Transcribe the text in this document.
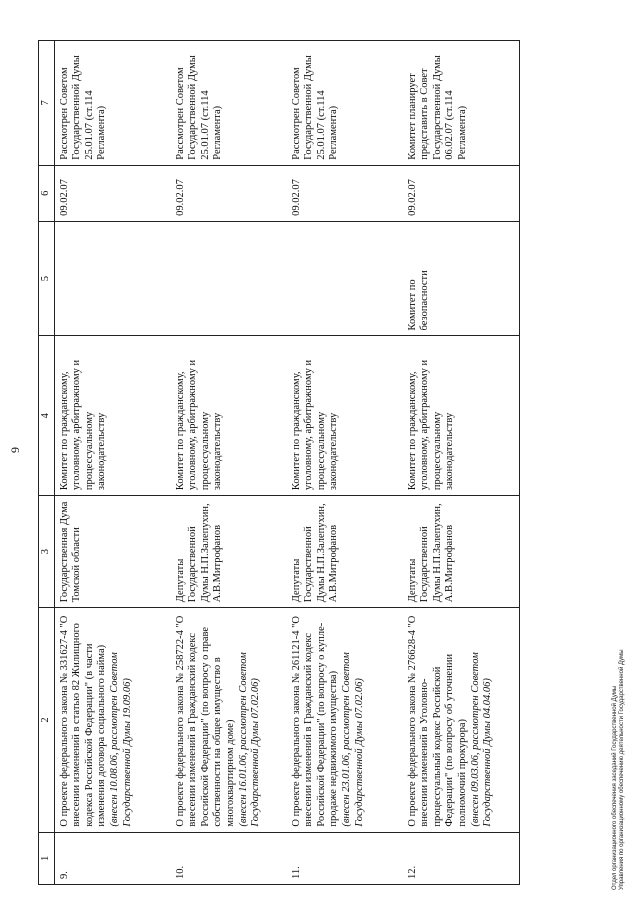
9
1	2	3	4	5	6	7
9.	О проекте федерального закона № 331627-4 "О внесении изменений в статью 82 Жилищного кодекса Российской Федерации" (в части изменения договора социального найма) (внесен 10.08.06, рассмотрен Советом Государственной Думы 19.09.06)	Государственная Дума Томской области	Комитет по гражданскому, уголовному, арбитражному и процессуальному законодательству		09.02.07	Рассмотрен Советом Государственной Думы 25.01.07 (ст.114 Регламента)
10.	О проекте федерального закона № 258722-4 "О внесении изменений в Гражданский кодекс Российской Федерации" (по вопросу о праве собственности на общее имущество в многоквартирном доме) (внесен 16.01.06, рассмотрен Советом Государственной Думы 07.02.06)	Депутаты Государственной Думы Н.П.Залепухин, А.В.Митрофанов	Комитет по гражданскому, уголовному, арбитражному и процессуальному законодательству		09.02.07	Рассмотрен Советом Государственной Думы 25.01.07 (ст.114 Регламента)
11.	О проекте федерального закона № 261121-4 "О внесении изменений в Гражданский кодекс Российской Федерации" (по вопросу о купле-продаже недвижимого имущества) (внесен 23.01.06, рассмотрен Советом Государственной Думы 07.02.06)	Депутаты Государственной Думы Н.П.Залепухин, А.В.Митрофанов	Комитет по гражданскому, уголовному, арбитражному и процессуальному законодательству		09.02.07	Рассмотрен Советом Государственной Думы 25.01.07 (ст.114 Регламента)
12.	О проекте федерального закона № 276628-4 "О внесении изменений в Уголовно-процессуальный кодекс Российской Федерации" (по вопросу об уточнении полномочий прокурора) (внесен 09.03.06, рассмотрен Советом Государственной Думы 04.04.06)	Депутаты Государственной Думы Н.П.Залепухин, А.В.Митрофанов	Комитет по гражданскому, уголовному, арбитражному и процессуальному законодательству	Комитет по безопасности	09.02.07	Комитет планирует представить в Совет Государственной Думы 06.02.07 (ст.114 Регламента)
Отдел организационного обеспечения заседаний Государственной Думы Управления по организационному обеспечению деятельности Государственной Думы
